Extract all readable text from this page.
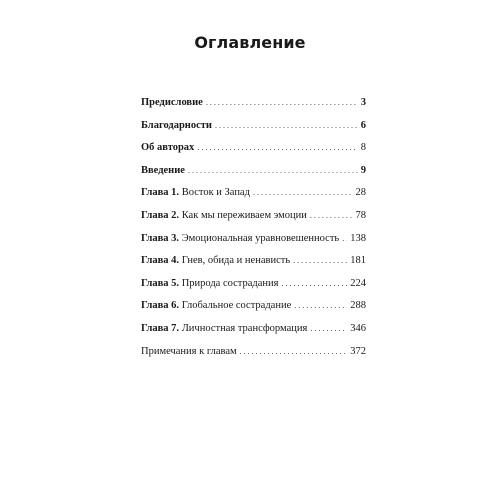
Оглавление
Предисловие . . .	3
Благодарности . . .	6
Об авторах . . .	8
Введение . . .	9
Глава 1. Восток и Запад . . .	28
Глава 2. Как мы переживаем эмоции . . .	78
Глава 3. Эмоциональная уравновешенность . . . 138
Глава 4. Гнев, обида и ненависть . . .	181
Глава 5. Природа сострадания . . .	224
Глава 6. Глобальное сострадание . . .	288
Глава 7. Личностная трансформация . . .	346
Примечания к главам . . .	372
